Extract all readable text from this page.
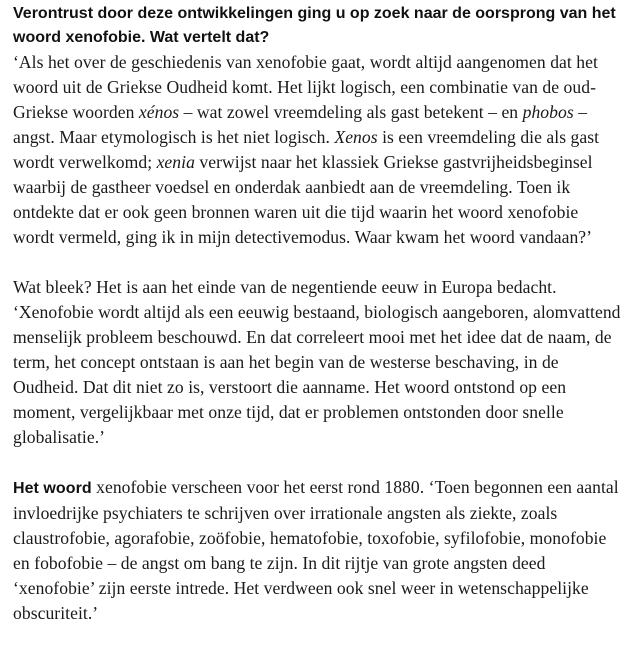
Verontrust door deze ontwikkelingen ging u op zoek naar de oorsprong van het woord xenofobie. Wat vertelt dat?

‘Als het over de geschiedenis van xenofobie gaat, wordt altijd aangenomen dat het woord uit de Griekse Oudheid komt. Het lijkt logisch, een combinatie van de oud-Griekse woorden xénos – wat zowel vreemdeling als gast betekent – en phobos – angst. Maar etymologisch is het niet logisch. Xenos is een vreemdeling die als gast wordt verwelkomd; xenia verwijst naar het klassiek Griekse gastvrijheidsbeginsel waarbij de gastheer voedsel en onderdak aanbiedt aan de vreemdeling. Toen ik ontdekte dat er ook geen bronnen waren uit die tijd waarin het woord xenofobie wordt vermeld, ging ik in mijn detectivemodus. Waar kwam het woord vandaan?’

Wat bleek? Het is aan het einde van de negentiende eeuw in Europa bedacht. ‘Xenofobie wordt altijd als een eeuwig bestaand, biologisch aangeboren, alomvattend menselijk probleem beschouwd. En dat correleert mooi met het idee dat de naam, de term, het concept ontstaan is aan het begin van de westerse beschaving, in de Oudheid. Dat dit niet zo is, verstoort die aanname. Het woord ontstond op een moment, vergelijkbaar met onze tijd, dat er problemen ontstonden door snelle globalisatie.’

Het woord xenofobie verscheen voor het eerst rond 1880. ‘Toen begonnen een aantal invloedrijke psychiaters te schrijven over irrationale angsten als ziekte, zoals claustrofobie, agorafobie, zoöfobie, hematofobie, toxofobie, syfilofobie, monofobie en fobofobie – de angst om bang te zijn. In dit rijtje van grote angsten deed ‘xenofobie’ zijn eerste intrede. Het verdween ook snel weer in wetenschappelijke obscuriteit.’
